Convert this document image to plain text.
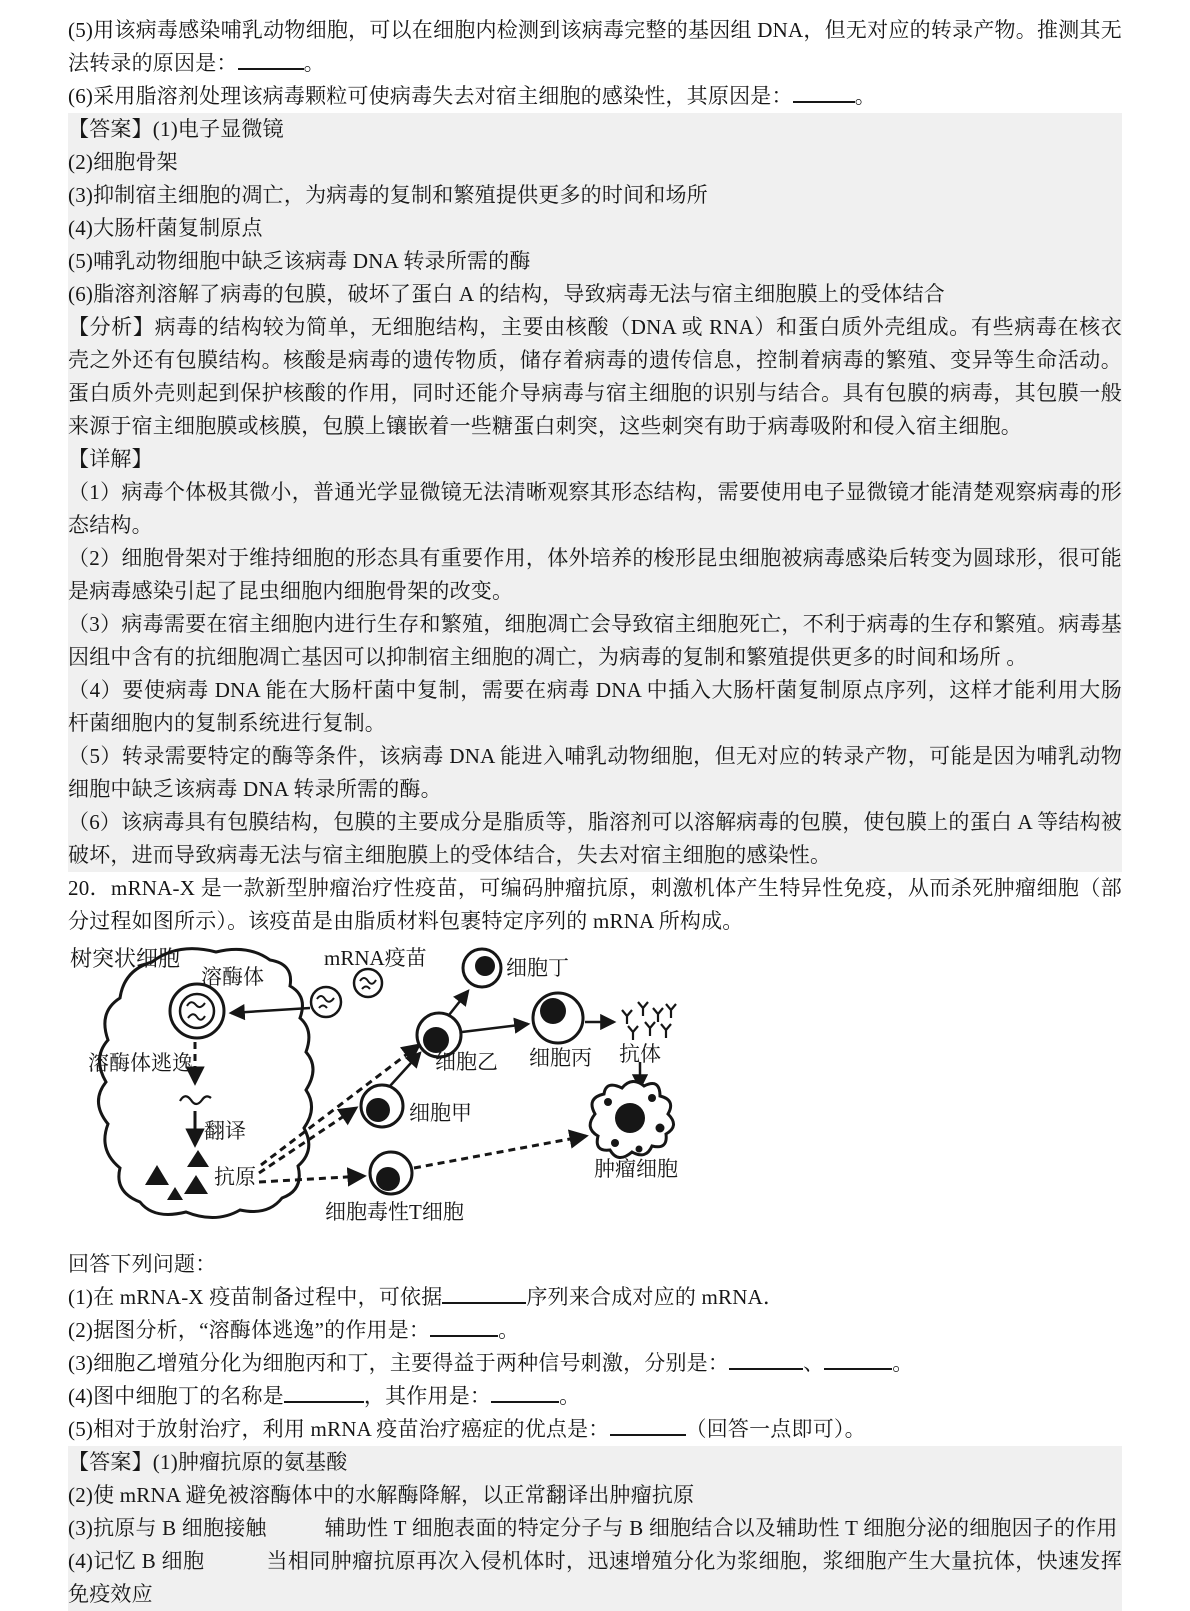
(5)用该病毒感染哺乳动物细胞，可以在细胞内检测到该病毒完整的基因组 DNA，但无对应的转录产物。推测其无法转录的原因是：	。

(6)采用脂溶剂处理该病毒颗粒可使病毒失去对宿主细胞的感染性，其原因是：	。

【答案】(1)电子显微镜

(2)细胞骨架

(3)抑制宿主细胞的凋亡，为病毒的复制和繁殖提供更多的时间和场所

(4)大肠杆菌复制原点

(5)哺乳动物细胞中缺乏该病毒 DNA 转录所需的酶

(6)脂溶剂溶解了病毒的包膜，破坏了蛋白 A 的结构，导致病毒无法与宿主细胞膜上的受体结合

【分析】病毒的结构较为简单，无细胞结构，主要由核酸（DNA 或 RNA）和蛋白质外壳组成。有些病毒在核衣壳之外还有包膜结构。核酸是病毒的遗传物质，储存着病毒的遗传信息，控制着病毒的繁殖、变异等生命活动。蛋白质外壳则起到保护核酸的作用，同时还能介导病毒与宿主细胞的识别与结合。具有包膜的病毒，其包膜一般来源于宿主细胞膜或核膜，包膜上镶嵌着一些糖蛋白刺突，这些刺突有助于病毒吸附和侵入宿主细胞。

【详解】

（1）病毒个体极其微小，普通光学显微镜无法清晰观察其形态结构，需要使用电子显微镜才能清楚观察病毒的形态结构。

（2）细胞骨架对于维持细胞的形态具有重要作用，体外培养的梭形昆虫细胞被病毒感染后转变为圆球形，很可能是病毒感染引起了昆虫细胞内细胞骨架的改变。

（3）病毒需要在宿主细胞内进行生存和繁殖，细胞凋亡会导致宿主细胞死亡，不利于病毒的生存和繁殖。病毒基因组中含有的抗细胞凋亡基因可以抑制宿主细胞的凋亡，为病毒的复制和繁殖提供更多的时间和场所 。

（4）要使病毒 DNA 能在大肠杆菌中复制，需要在病毒 DNA 中插入大肠杆菌复制原点序列，这样才能利用大肠杆菌细胞内的复制系统进行复制。

（5）转录需要特定的酶等条件，该病毒 DNA 能进入哺乳动物细胞，但无对应的转录产物，可能是因为哺乳动物细胞中缺乏该病毒 DNA 转录所需的酶。

（6）该病毒具有包膜结构，包膜的主要成分是脂质等，脂溶剂可以溶解病毒的包膜，使包膜上的蛋白 A 等结构被破坏，进而导致病毒无法与宿主细胞膜上的受体结合，失去对宿主细胞的感染性。

20．mRNA-X 是一款新型肿瘤治疗性疫苗，可编码肿瘤抗原，刺激机体产生特异性免疫，从而杀死肿瘤细胞（部分过程如图所示）。该疫苗是由脂质材料包裹特定序列的 mRNA 所构成。

树突状细胞
溶酶体
mRNA疫苗
溶酶体逃逸
翻译
抗原
细胞甲
细胞乙 细胞丙
细胞丁
抗体
肿瘤细胞
细胞毒性T细胞

回答下列问题：

(1)在 mRNA-X 疫苗制备过程中，可依据	序列来合成对应的 mRNA．

(2)据图分析，“溶酶体逃逸”的作用是：	。

(3)细胞乙增殖分化为细胞丙和丁，主要得益于两种信号刺激，分别是：	、	。

(4)图中细胞丁的名称是	，其作用是：	。

(5)相对于放射治疗，利用 mRNA 疫苗治疗癌症的优点是：	（回答一点即可）。

【答案】(1)肿瘤抗原的氨基酸

(2)使 mRNA 避免被溶酶体中的水解酶降解，以正常翻译出肿瘤抗原

(3)抗原与 B 细胞接触	辅助性 T 细胞表面的特定分子与 B 细胞结合以及辅助性 T 细胞分泌的细胞因子的作用

(4)记忆 B 细胞	当相同肿瘤抗原再次入侵机体时，迅速增殖分化为浆细胞，浆细胞产生大量抗体，快速发挥免疫效应
